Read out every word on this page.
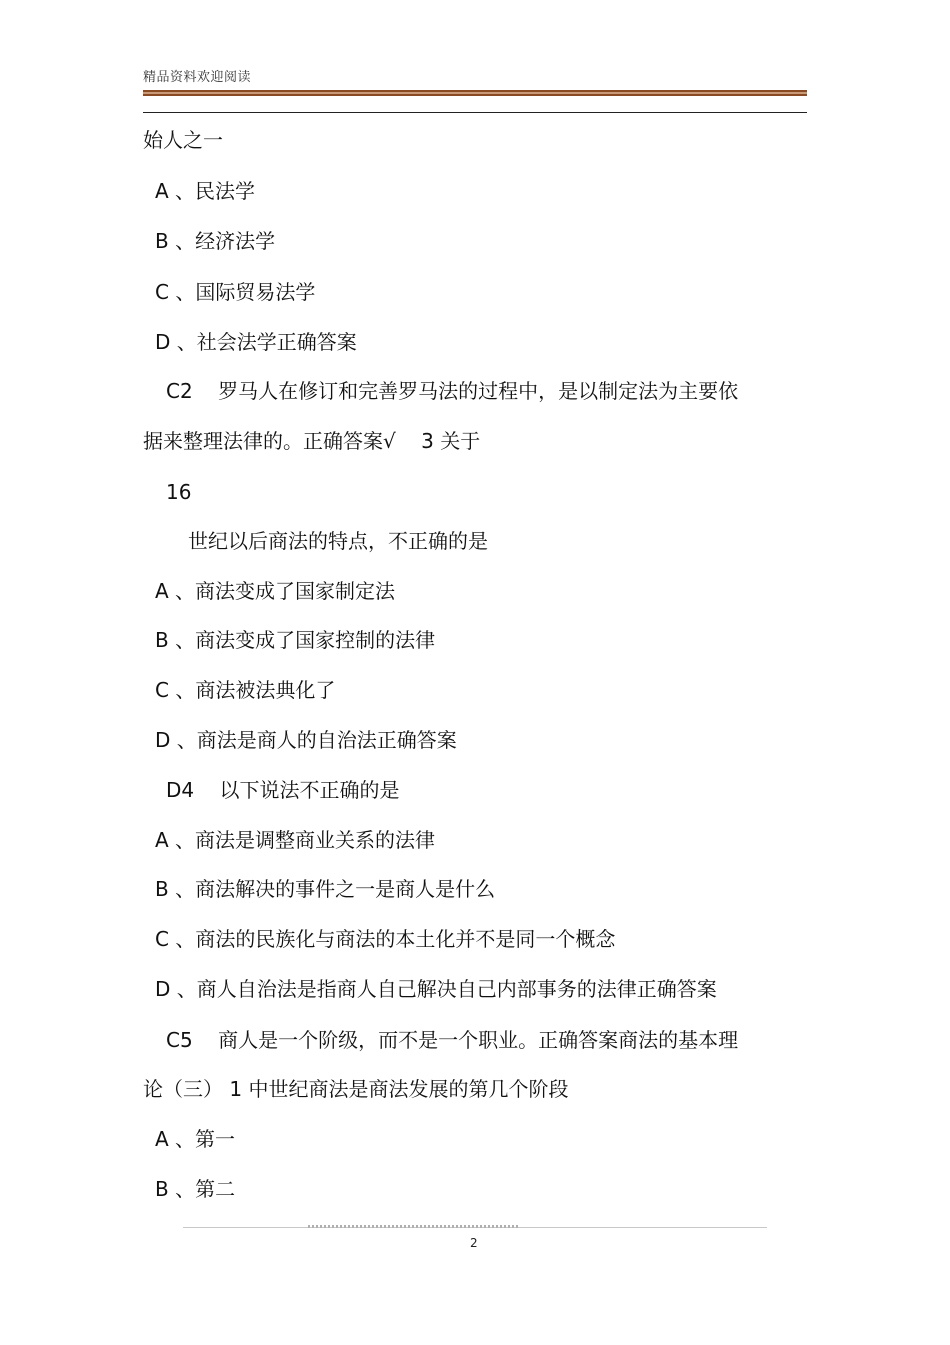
精品资料欢迎阅读
始人之一
A 、民法学
B 、经济法学
C 、国际贸易法学
D 、社会法学正确答案
C2    罗马人在修订和完善罗马法的过程中，是以制定法为主要依
据来整理法律的。正确答案√    3 关于
16
世纪以后商法的特点，不正确的是
A 、商法变成了国家制定法
B 、商法变成了国家控制的法律
C 、商法被法典化了
D 、商法是商人的自治法正确答案
D4    以下说法不正确的是
A 、商法是调整商业关系的法律
B 、商法解决的事件之一是商人是什么
C 、商法的民族化与商法的本土化并不是同一个概念
D 、商人自治法是指商人自己解决自己内部事务的法律正确答案
C5    商人是一个阶级，而不是一个职业。正确答案商法的基本理
论（三） 1 中世纪商法是商法发展的第几个阶段
A 、第一
B 、第二
2
